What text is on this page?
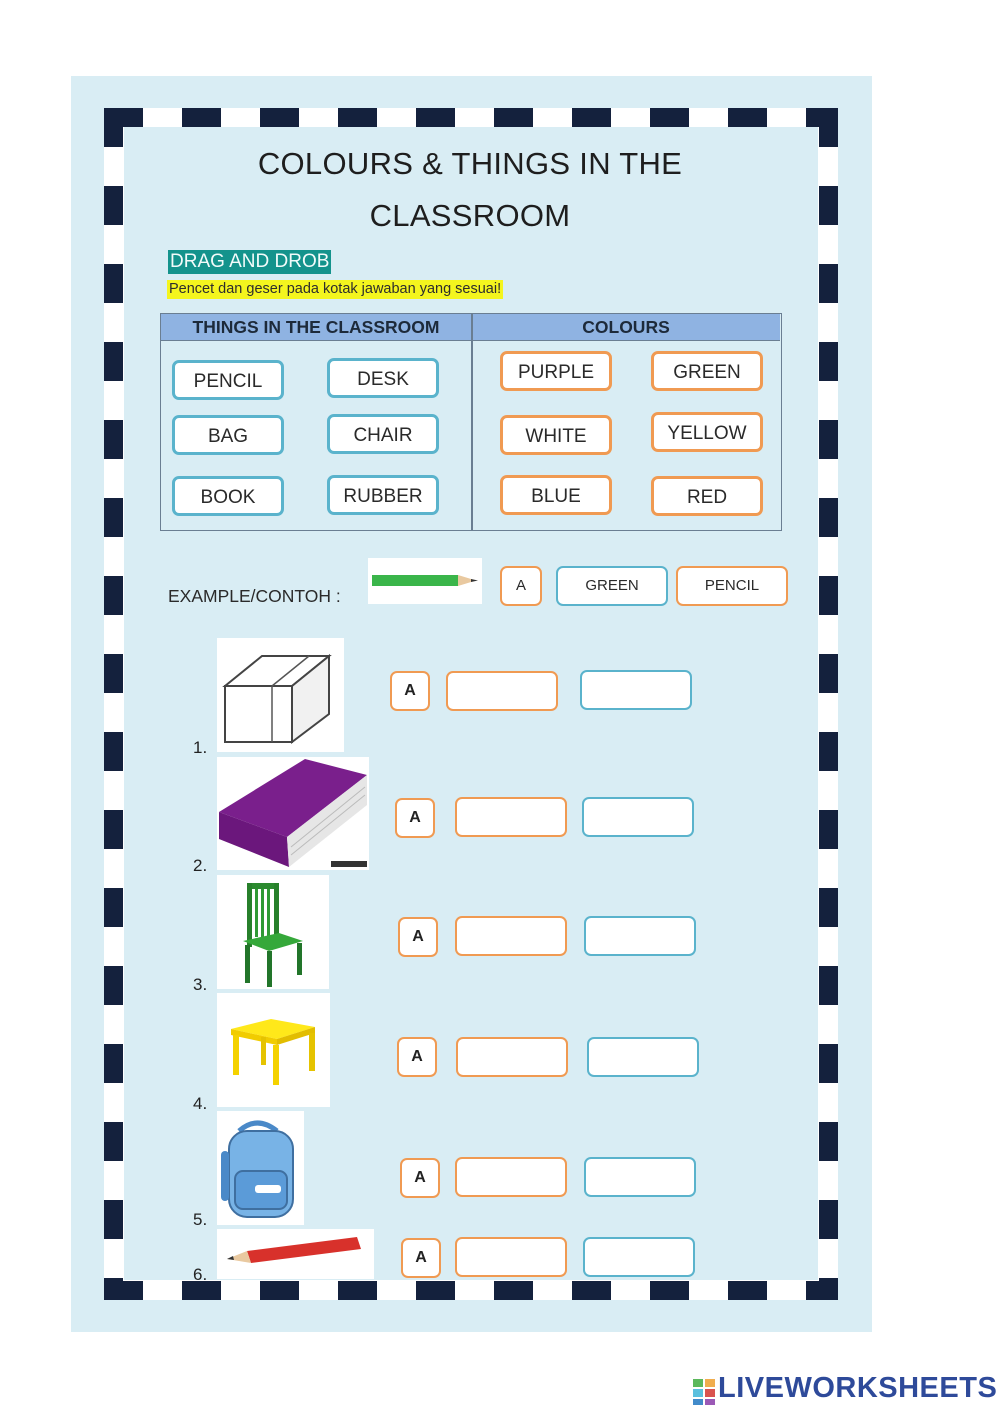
COLOURS & THINGS IN THE
CLASSROOM
DRAG AND DROB
Pencet dan geser pada kotak jawaban yang sesuai!
THINGS IN THE CLASSROOM	COLOURS
PENCIL	DESK
BAG	CHAIR
BOOK	RUBBER
PURPLE	GREEN
WHITE	YELLOW
BLUE	RED
EXAMPLE/CONTOH :
A	GREEN	PENCIL
1.
A
2.
A
3.
A
4.
A
5.
A
6.
A
LIVEWORKSHEETS
